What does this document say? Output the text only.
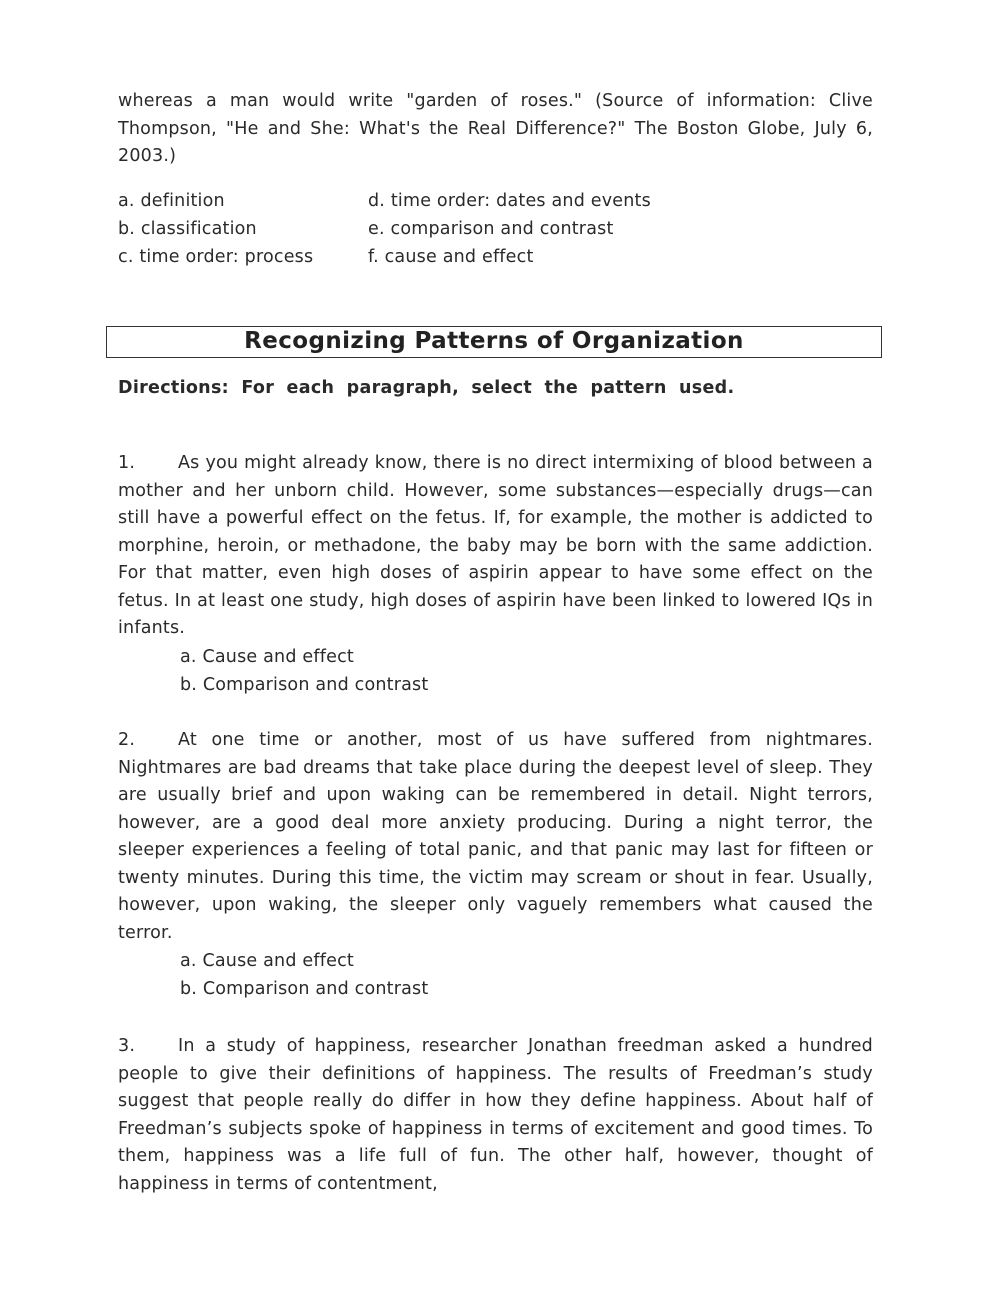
whereas a man would write "garden of roses." (Source of information: Clive Thompson, "He and She: What's the Real Difference?" The Boston Globe, July 6, 2003.)

a. definition	d. time order: dates and events
b. classification	e. comparison and contrast
c. time order: process	f. cause and effect
Recognizing Patterns of Organization
Directions: For each paragraph, select the pattern used.

1. As you might already know, there is no direct intermixing of blood between a mother and her unborn child. However, some substances—especially drugs—can still have a powerful effect on the fetus. If, for example, the mother is addicted to morphine, heroin, or methadone, the baby may be born with the same addiction. For that matter, even high doses of aspirin appear to have some effect on the fetus. In at least one study, high doses of aspirin have been linked to lowered IQs in infants.

a. Cause and effect
b. Comparison and contrast

2. At one time or another, most of us have suffered from nightmares. Nightmares are bad dreams that take place during the deepest level of sleep. They are usually brief and upon waking can be remembered in detail. Night terrors, however, are a good deal more anxiety producing. During a night terror, the sleeper experiences a feeling of total panic, and that panic may last for fifteen or twenty minutes. During this time, the victim may scream or shout in fear. Usually, however, upon waking, the sleeper only vaguely remembers what caused the terror.

a. Cause and effect
b. Comparison and contrast

3. In a study of happiness, researcher Jonathan freedman asked a hundred people to give their definitions of happiness. The results of Freedman’s study suggest that people really do differ in how they define happiness. About half of Freedman’s subjects spoke of happiness in terms of excitement and good times. To them, happiness was a life full of fun. The other half, however, thought of happiness in terms of contentment,
